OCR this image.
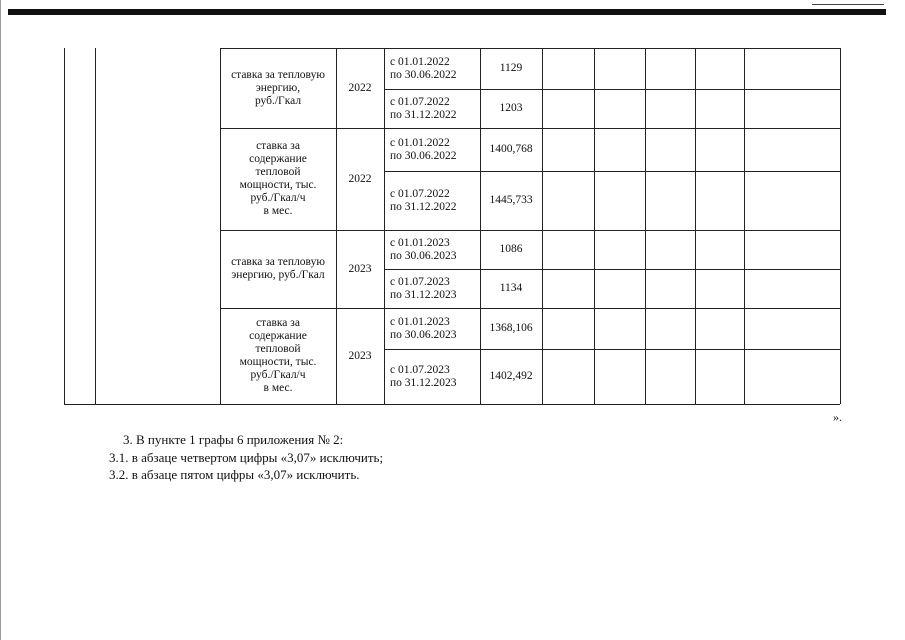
ставка за тепловую
энергию,
руб./Гкал
2022
с 01.01.2022
по 30.06.2022
1129
с 01.07.2022
по 31.12.2022
1203
ставка за
содержание
тепловой
мощности, тыс.
руб./Гкал/ч
в мес.
2022
с 01.01.2022
по 30.06.2022
1400,768
с 01.07.2022
по 31.12.2022
1445,733
ставка за тепловую
энергию, руб./Гкал
2023
с 01.01.2023
по 30.06.2023
1086
с 01.07.2023
по 31.12.2023
1134
ставка за
содержание
тепловой
мощности, тыс.
руб./Гкал/ч
в мес.
2023
с 01.01.2023
по 30.06.2023
1368,106
с 01.07.2023
по 31.12.2023
1402,492
».
3. В пункте 1 графы 6 приложения № 2:
3.1. в абзаце четвертом цифры «3,07» исключить;
3.2. в абзаце пятом цифры «3,07» исключить.
